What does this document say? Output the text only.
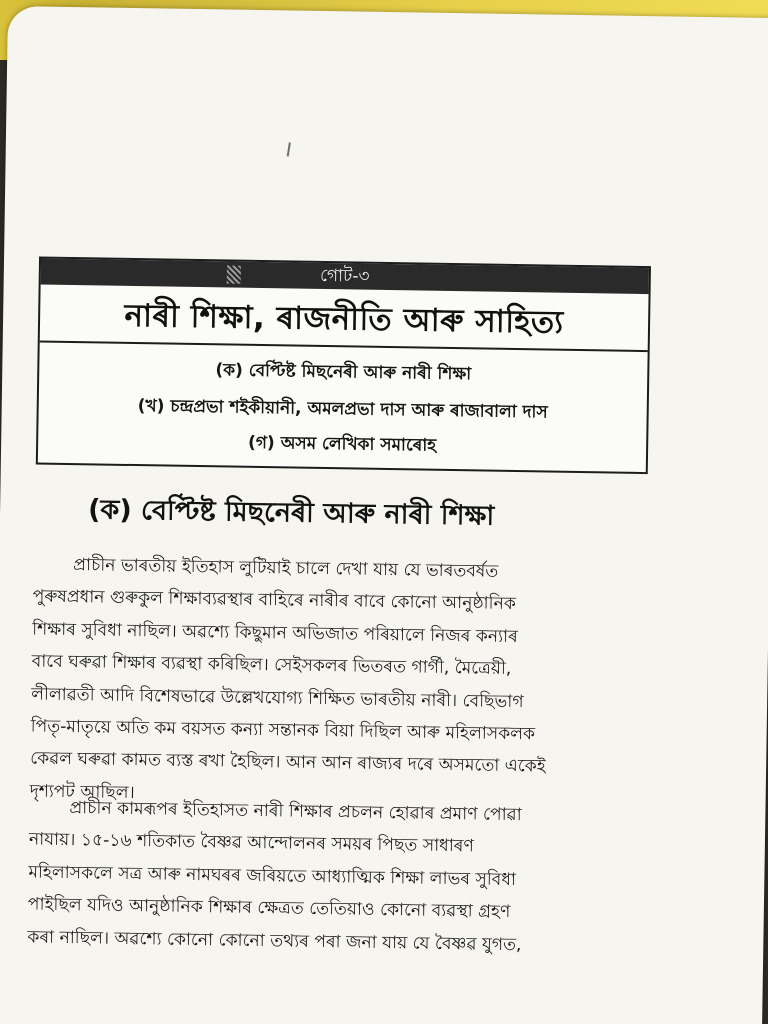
গোট-৩
নাৰী শিক্ষা, ৰাজনীতি আৰু সাহিত্য
(ক) বেপ্টিষ্ট মিছনেৰী আৰু নাৰী শিক্ষা
(খ) চন্দ্ৰপ্ৰভা শইকীয়ানী, অমলপ্ৰভা দাস আৰু ৰাজাবালা দাস
(গ) অসম লেখিকা সমাৰোহ
(ক) বেপ্টিষ্ট মিছনেৰী আৰু নাৰী শিক্ষা

প্ৰাচীন ভাৰতীয় ইতিহাস লুটিয়াই চালে দেখা যায় যে ভাৰতবৰ্ষত
পুৰুষপ্ৰধান গুৰুকুল শিক্ষাব্যৱস্থাৰ বাহিৰে নাৰীৰ বাবে কোনো আনুষ্ঠানিক
শিক্ষাৰ সুবিধা নাছিল। অৱশ্যে কিছুমান অভিজাত পৰিয়ালে নিজৰ কন্যাৰ
বাবে ঘৰুৱা শিক্ষাৰ ব্যৱস্থা কৰিছিল। সেইসকলৰ ভিতৰত গাৰ্গী, মৈত্ৰেয়ী,
লীলাৱতী আদি বিশেষভাৱে উল্লেখযোগ্য শিক্ষিত ভাৰতীয় নাৰী। বেছিভাগ
পিতৃ-মাতৃয়ে অতি কম বয়সত কন্যা সন্তানক বিয়া দিছিল আৰু মহিলাসকলক
কেৱল ঘৰুৱা কামত ব্যস্ত ৰখা হৈছিল। আন আন ৰাজ্যৰ দৰে অসমতো একেই
দৃশ্যপট আছিল।

প্ৰাচীন কামৰূপৰ ইতিহাসত নাৰী শিক্ষাৰ প্ৰচলন হোৱাৰ প্ৰমাণ পোৱা
নাযায়। ১৫-১৬ শতিকাত বৈষ্ণৱ আন্দোলনৰ সময়ৰ পিছত সাধাৰণ
মহিলাসকলে সত্ৰ আৰু নামঘৰৰ জৰিয়তে আধ্যাত্মিক শিক্ষা লাভৰ সুবিধা
পাইছিল যদিও আনুষ্ঠানিক শিক্ষাৰ ক্ষেত্ৰত তেতিয়াও কোনো ব্যৱস্থা গ্ৰহণ
কৰা নাছিল। অৱশ্যে কোনো কোনো তথ্যৰ পৰা জনা যায় যে বৈষ্ণৱ যুগত,
